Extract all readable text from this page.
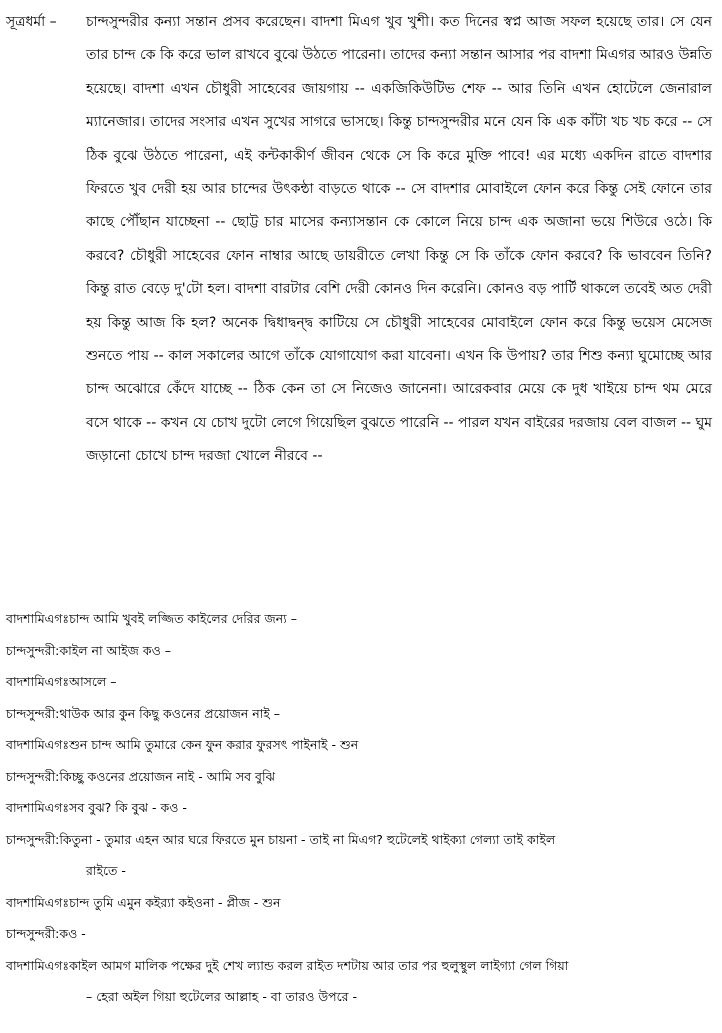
সূত্রধর্মা – চান্দসুন্দরীর কন্যা সন্তান প্রসব করেছেন। বাদশা মিএগ খুব খুশী। কত দিনের স্বপ্ন আজ সফল হয়েছে তার। সে যেন তার চান্দ কে কি করে ভাল রাখবে বুঝে উঠতে পারেনা। তাদের কন্যা সন্তান আসার পর বাদশা মিএগর আরও উন্নতি হয়েছে। বাদশা এখন চৌধুরী সাহেবের জায়গায় -- একজিকিউটিভ শেফ -- আর তিনি এখন হোটেলে জেনারাল ম্যানেজার। তাদের সংসার এখন সুখের সাগরে ভাসছে। কিন্তু চান্দসুন্দরীর মনে যেন কি এক কাঁটা খচ খচ করে -- সে ঠিক বুঝে উঠতে পারেনা, এই কন্টকাকীর্ণ জীবন থেকে সে কি করে মুক্তি পাবে! এর মধ্যে একদিন রাতে বাদশার ফিরতে খুব দেরী হয় আর চান্দের উৎকন্ঠা বাড়তে থাকে -- সে বাদশার মোবাইলে ফোন করে কিন্তু সেই ফোনে তার কাছে পৌঁছান যাচ্ছেনা -- ছোট্ট চার মাসের কন্যাসন্তান কে কোলে নিয়ে চান্দ এক অজানা ভয়ে শিউরে ওঠে। কি করবে? চৌধুরী সাহেবের ফোন নাম্বার আছে ডায়রীতে লেখা কিন্তু সে কি তাঁকে ফোন করবে? কি ভাববেন তিনি? কিন্তু রাত বেড়ে দু'টো হল। বাদশা বারটার বেশি দেরী কোনও দিন করেনি। কোনও বড় পার্টি থাকলে তবেই অত দেরী হয় কিন্তু আজ কি হল? অনেক দ্বিধাদ্বন্দ্ব কাটিয়ে সে চৌধুরী সাহেবের মোবাইলে ফোন করে কিন্তু ভয়েস মেসেজ শুনতে পায় -- কাল সকালের আগে তাঁকে যোগাযোগ করা যাবেনা। এখন কি উপায়? তার শিশু কন্যা ঘুমোচ্ছে আর চান্দ অঝোরে কেঁদে যাচ্ছে -- ঠিক কেন তা সে নিজেও জানেনা। আরেকবার মেয়ে কে দুধ খাইয়ে চান্দ থম মেরে বসে থাকে -- কখন যে চোখ দুটো লেগে গিয়েছিল বুঝতে পারেনি -- পারল যখন বাইরের দরজায় বেল বাজল -- ঘুম জড়ানো চোখে চান্দ দরজা খোলে নীরবে --
বাদশামিএগঃ চান্দ আমি খুবই লজ্জিত কাইলের দেরির জন্য –
চান্দসুন্দরী: কাইল না আইজ কও –
বাদশামিএগঃ আসলে –
চান্দসুন্দরী: থাউক আর কুন কিছু কওনের প্রয়োজন নাই –
বাদশামিএগঃ শুন চান্দ আমি তুমারে কেন ফুন করার ফুরসৎ পাইনাই - শুন
চান্দসুন্দরী: কিচ্ছু কওনের প্রয়োজন নাই - আমি সব বুঝি
বাদশামিএগঃ সব বুঝ? কি বুঝ - কও -
চান্দসুন্দরী: কিতুনা - তুমার এহন আর ঘরে ফিরতে মুন চায়না - তাই না মিএগ? হুটেলেই থাইক্যা গেল্যা তাই কাইল
রাইতে -
বাদশামিএগঃ চান্দ তুমি এমুন কইর‍্যা কইওনা - প্লীজ - শুন
চান্দসুন্দরী: কও -
বাদশামিএগঃ কাইল আমগ মালিক পক্ষের দুই শেখ ল্যান্ড করল রাইত দশটায় আর তার পর হুলুস্থুল লাইগ্যা গেল গিয়া
– হেরা অইল গিয়া হুটেলের আল্লাহ - বা তারও উপরে -
